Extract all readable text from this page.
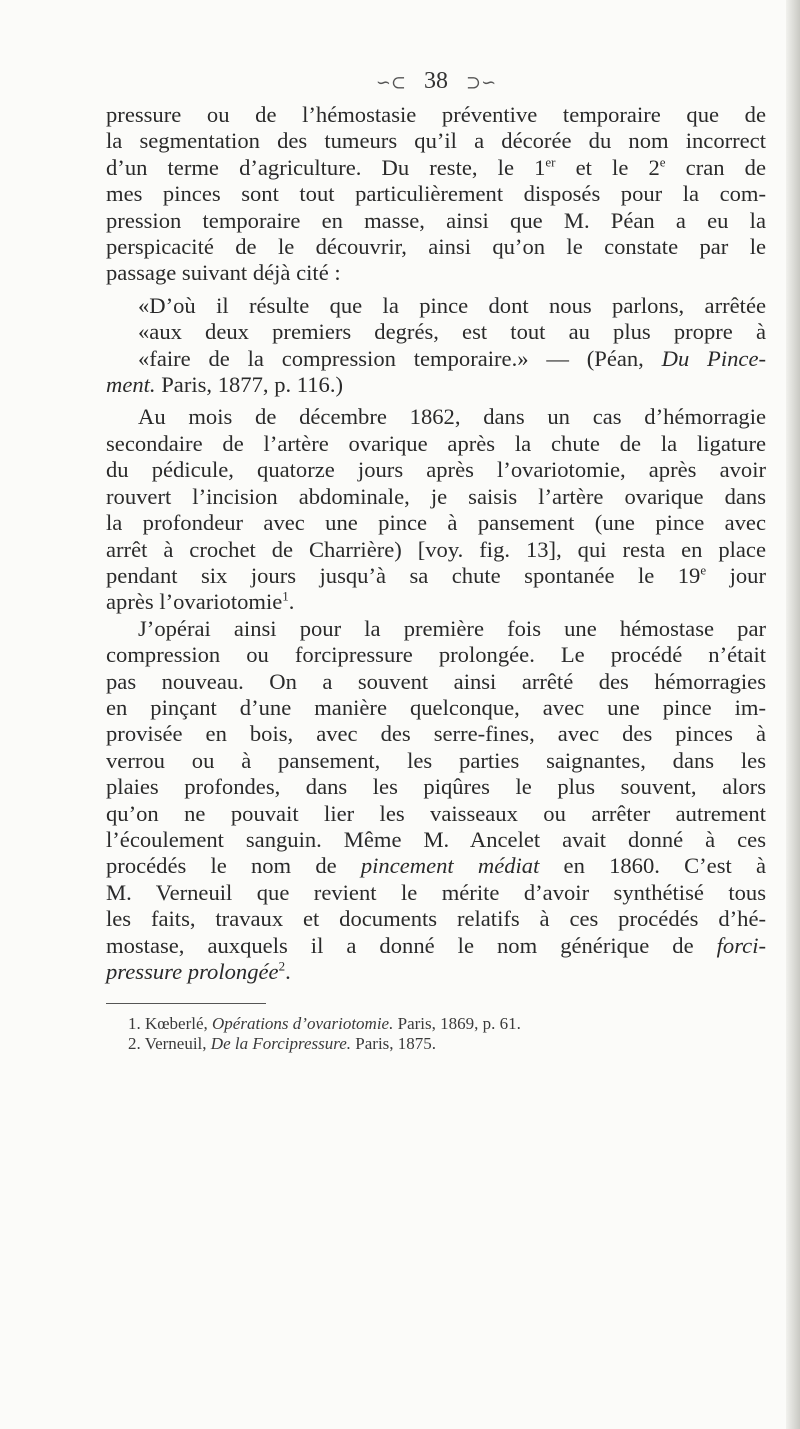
∽⊂ 38 ⊃∽

pressure ou de l’hémostasie préventive temporaire que de

la segmentation des tumeurs qu’il a décorée du nom incorrect

d’un terme d’agriculture. Du reste, le 1er et le 2e cran de

mes pinces sont tout particulièrement disposés pour la com-

pression temporaire en masse, ainsi que M. Péan a eu la

perspicacité de le découvrir, ainsi qu’on le constate par le

passage suivant déjà cité :

«D’où il résulte que la pince dont nous parlons, arrêtée

«aux deux premiers degrés, est tout au plus propre à

«faire de la compression temporaire.» — (Péan, Du Pince-

ment. Paris, 1877, p. 116.)

Au mois de décembre 1862, dans un cas d’hémorragie

secondaire de l’artère ovarique après la chute de la ligature

du pédicule, quatorze jours après l’ovariotomie, après avoir

rouvert l’incision abdominale, je saisis l’artère ovarique dans

la profondeur avec une pince à pansement (une pince avec

arrêt à crochet de Charrière) [voy. fig. 13], qui resta en place

pendant six jours jusqu’à sa chute spontanée le 19e jour

après l’ovariotomie$^1$.

J’opérai ainsi pour la première fois une hémostase par

compression ou forcipressure prolongée. Le procédé n’était

pas nouveau. On a souvent ainsi arrêté des hémorragies

en pinçant d’une manière quelconque, avec une pince im-

provisée en bois, avec des serre-fines, avec des pinces à

verrou ou à pansement, les parties saignantes, dans les

plaies profondes, dans les piqûres le plus souvent, alors

qu’on ne pouvait lier les vaisseaux ou arrêter autrement

l’écoulement sanguin. Même M. Ancelet avait donné à ces

procédés le nom de pincement médiat en 1860. C’est à

M. Verneuil que revient le mérite d’avoir synthétisé tous

les faits, travaux et documents relatifs à ces procédés d’hé-

mostase, auxquels il a donné le nom générique de forci-

pressure prolongée$^2$.

1. Kœberlé, Opérations d’ovariotomie. Paris, 1869, p. 61.

2. Verneuil, De la Forcipressure. Paris, 1875.
